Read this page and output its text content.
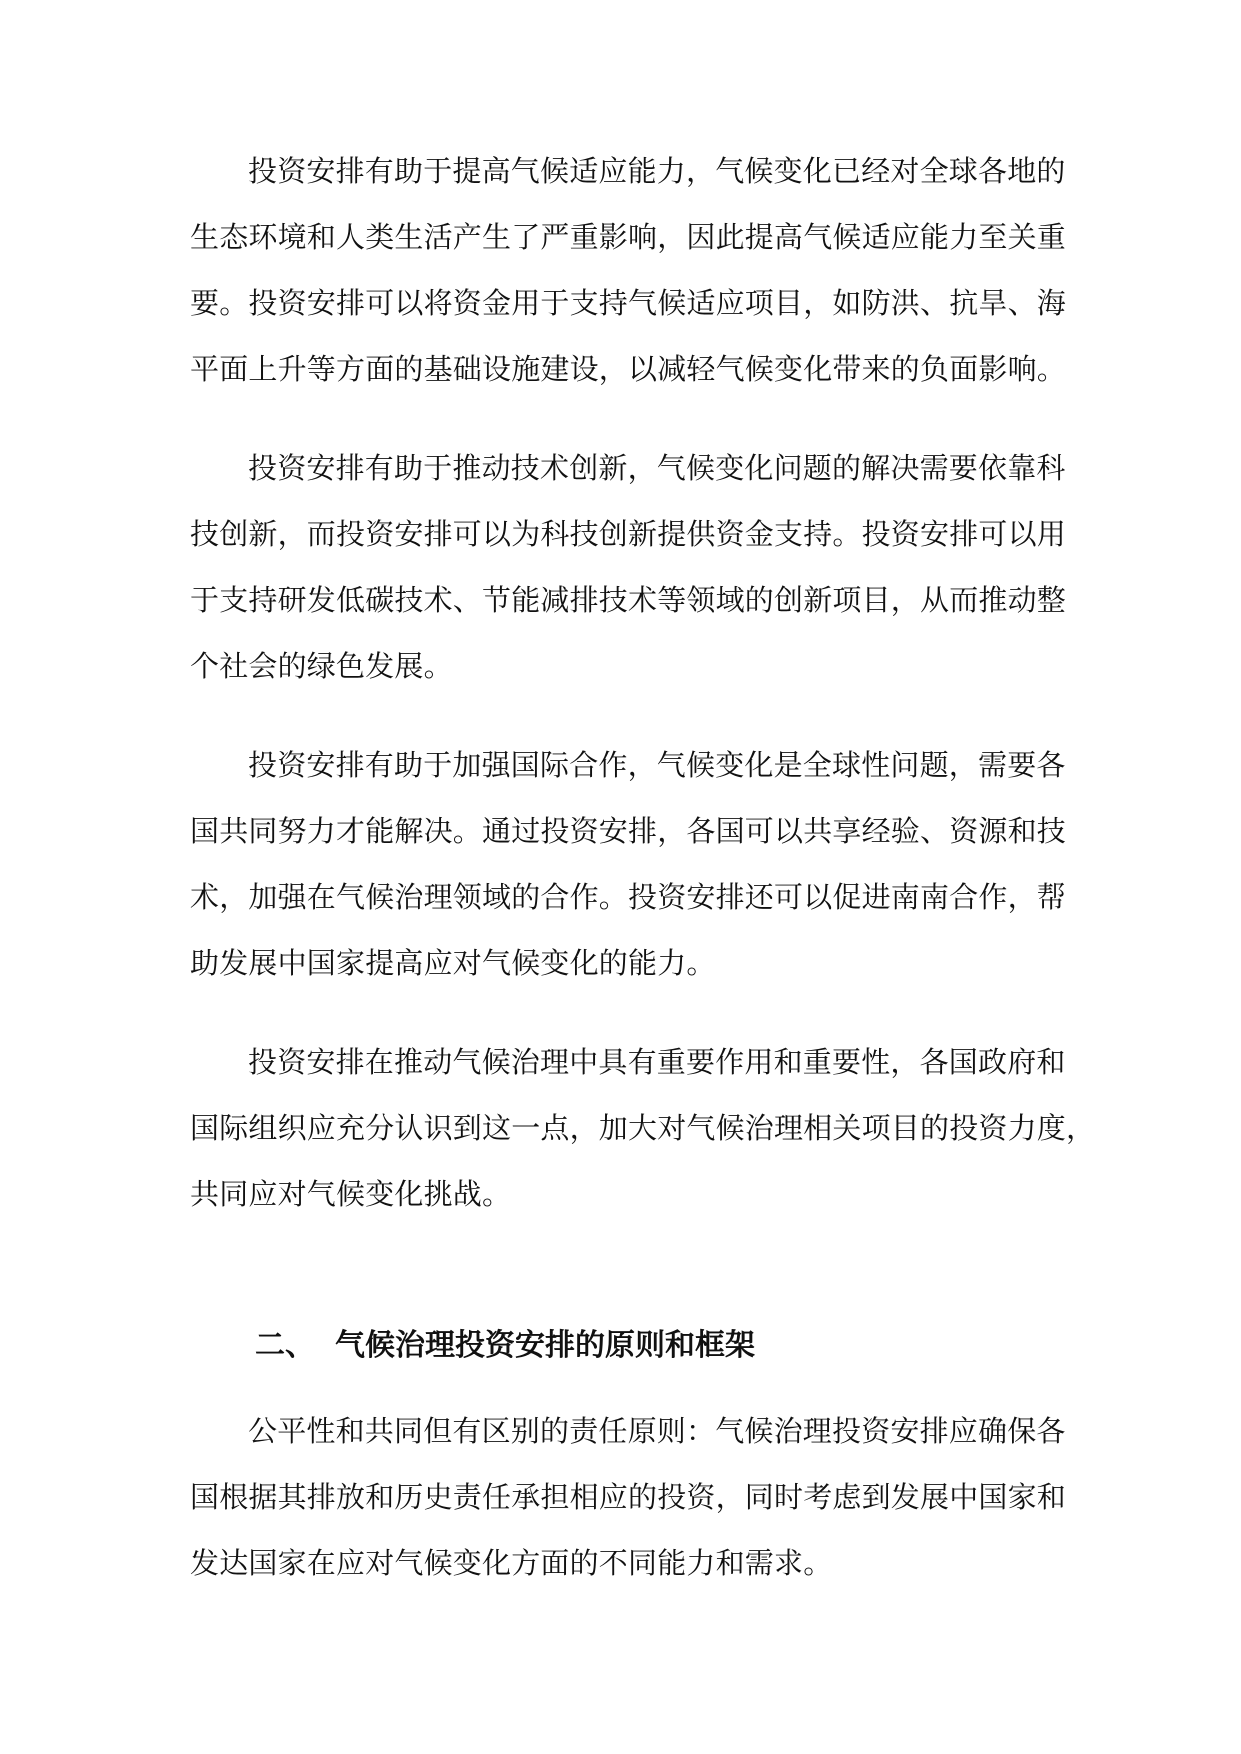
投资安排有助于提高气候适应能力，气候变化已经对全球各地的
生态环境和人类生活产生了严重影响，因此提高气候适应能力至关重
要。投资安排可以将资金用于支持气候适应项目，如防洪、抗旱、海
平面上升等方面的基础设施建设，以减轻气候变化带来的负面影响。
投资安排有助于推动技术创新，气候变化问题的解决需要依靠科
技创新，而投资安排可以为科技创新提供资金支持。投资安排可以用
于支持研发低碳技术、节能减排技术等领域的创新项目，从而推动整
个社会的绿色发展。
投资安排有助于加强国际合作，气候变化是全球性问题，需要各
国共同努力才能解决。通过投资安排，各国可以共享经验、资源和技
术，加强在气候治理领域的合作。投资安排还可以促进南南合作，帮
助发展中国家提高应对气候变化的能力。
投资安排在推动气候治理中具有重要作用和重要性，各国政府和
国际组织应充分认识到这一点，加大对气候治理相关项目的投资力度，
共同应对气候变化挑战。
二、 气候治理投资安排的原则和框架
公平性和共同但有区别的责任原则：气候治理投资安排应确保各
国根据其排放和历史责任承担相应的投资，同时考虑到发展中国家和
发达国家在应对气候变化方面的不同能力和需求。
